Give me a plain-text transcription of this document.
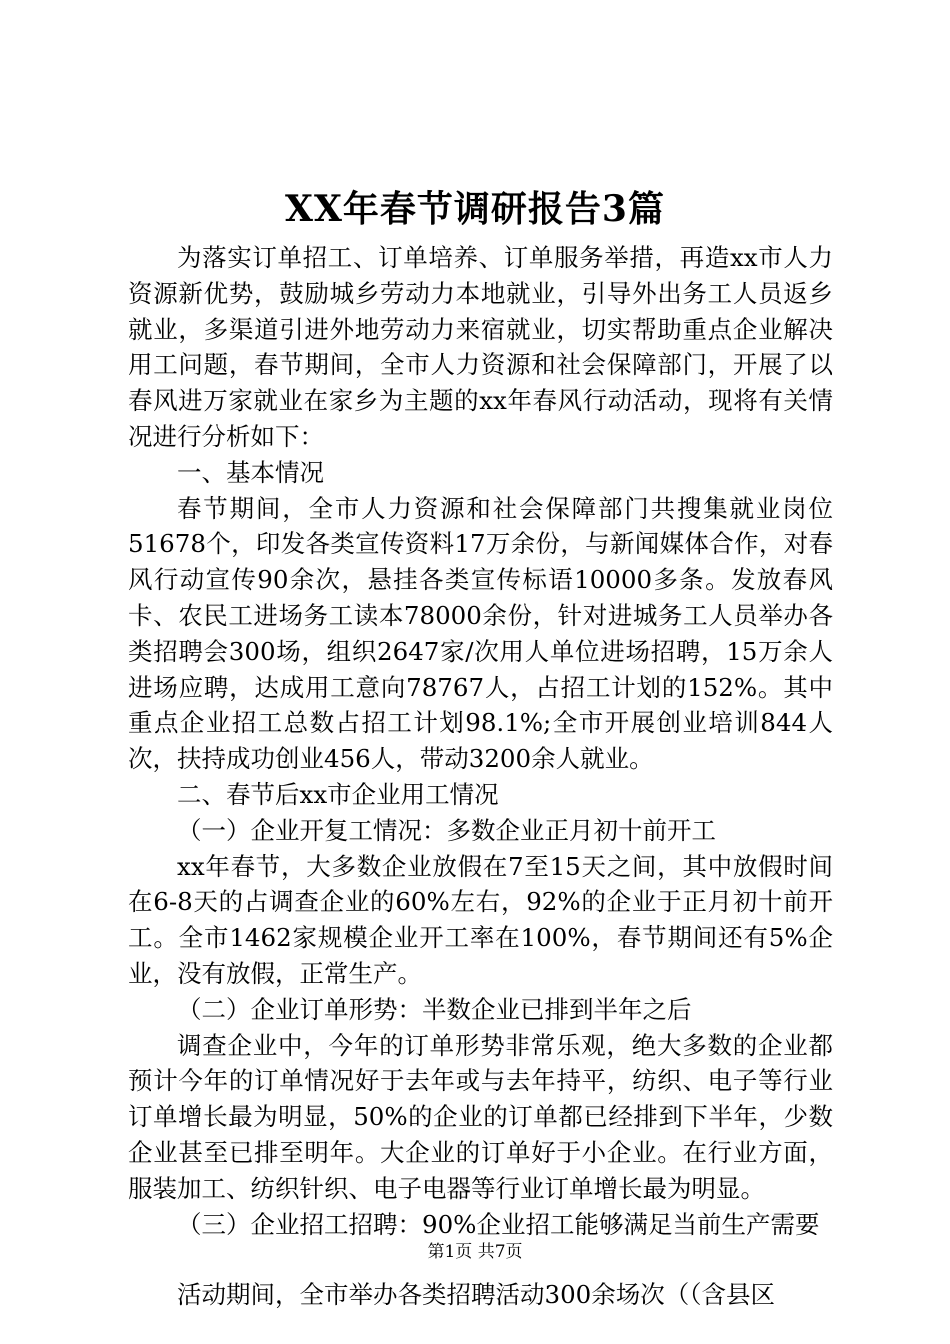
XX年春节调研报告3篇

为落实订单招工、订单培养、订单服务举措，再造xx市人力资源新优势，鼓励城乡劳动力本地就业，引导外出务工人员返乡就业，多渠道引进外地劳动力来宿就业，切实帮助重点企业解决用工问题，春节期间，全市人力资源和社会保障部门，开展了以春风进万家就业在家乡为主题的xx年春风行动活动，现将有关情况进行分析如下：

一、基本情况

春节期间，全市人力资源和社会保障部门共搜集就业岗位51678个，印发各类宣传资料17万余份，与新闻媒体合作，对春风行动宣传90余次，悬挂各类宣传标语10000多条。发放春风卡、农民工进场务工读本78000余份，针对进城务工人员举办各类招聘会300场，组织2647家/次用人单位进场招聘，15万余人进场应聘，达成用工意向78767人，占招工计划的152%。其中重点企业招工总数占招工计划98.1%;全市开展创业培训844人次，扶持成功创业456人，带动3200余人就业。

二、春节后xx市企业用工情况

（一）企业开复工情况：多数企业正月初十前开工

xx年春节，大多数企业放假在7至15天之间，其中放假时间在6-8天的占调查企业的60%左右，92%的企业于正月初十前开工。全市1462家规模企业开工率在100%，春节期间还有5%企业，没有放假，正常生产。

（二）企业订单形势：半数企业已排到半年之后

调查企业中，今年的订单形势非常乐观，绝大多数的企业都预计今年的订单情况好于去年或与去年持平，纺织、电子等行业订单增长最为明显，50%的企业的订单都已经排到下半年，少数企业甚至已排至明年。大企业的订单好于小企业。在行业方面，服装加工、纺织针织、电子电器等行业订单增长最为明显。

（三）企业招工招聘：90%企业招工能够满足当前生产需要

活动期间，全市举办各类招聘活动300余场次（（含县区

第1页 共7页
